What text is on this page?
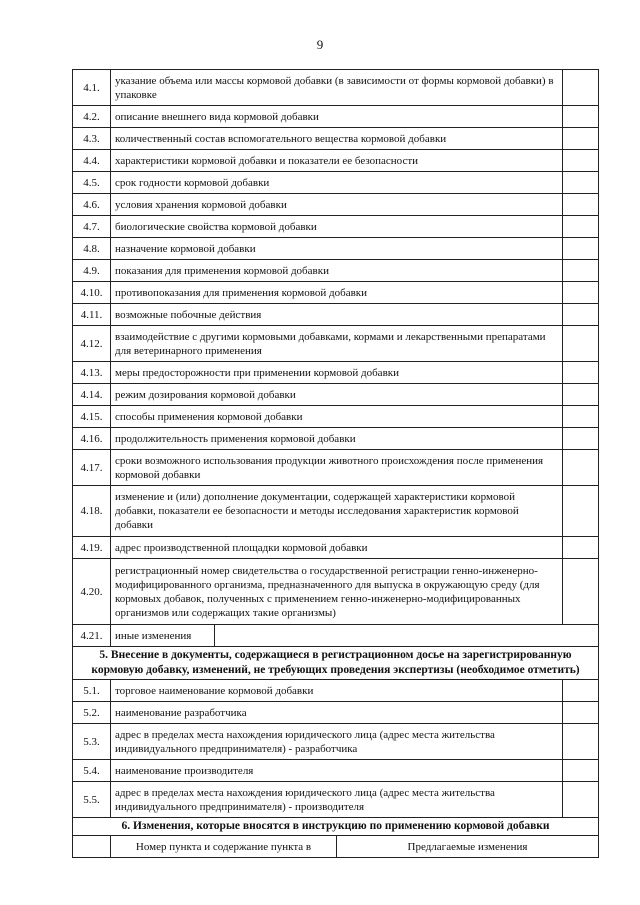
9
4.1.	указание объема или массы кормовой добавки (в зависимости от формы кормовой добавки) в упаковке			
4.2.	описание внешнего вида кормовой добавки			
4.3.	количественный состав вспомогательного вещества кормовой добавки			
4.4.	характеристики кормовой добавки и показатели ее безопасности			
4.5.	срок годности кормовой добавки			
4.6.	условия хранения кормовой добавки			
4.7.	биологические свойства кормовой добавки			
4.8.	назначение кормовой добавки			
4.9.	показания для применения кормовой добавки			
4.10.	противопоказания для применения кормовой добавки			
4.11.	возможные побочные действия			
4.12.	взаимодействие с другими кормовыми добавками, кормами и лекарственными препаратами для ветеринарного применения			
4.13.	меры предосторожности при применении кормовой добавки			
4.14.	режим дозирования кормовой добавки			
4.15.	способы применения кормовой добавки			
4.16.	продолжительность применения кормовой добавки			
4.17.	сроки возможного использования продукции животного происхождения после применения кормовой добавки			
4.18.	изменение и (или) дополнение документации, содержащей характеристики кормовой добавки, показатели ее безопасности и методы исследования характеристик кормовой добавки			
4.19.	адрес производственной площадки кормовой добавки			
4.20.	регистрационный номер свидетельства о государственной регистрации генно-инженерно-модифицированного организма, предназначенного для выпуска в окружающую среду (для кормовых добавок, полученных с применением генно-инженерно-модифицированных организмов или содержащих такие организмы)			
4.21.	иные изменения			
5. Внесение в документы, содержащиеся в регистрационном досье на зарегистрированную кормовую добавку, изменений, не требующих проведения экспертизы (необходимое отметить)				
5.1.	торговое наименование кормовой добавки			
5.2.	наименование разработчика			
5.3.	адрес в пределах места нахождения юридического лица (адрес места жительства индивидуального предпринимателя) - разработчика			
5.4.	наименование производителя			
5.5.	адрес в пределах места нахождения юридического лица (адрес места жительства индивидуального предпринимателя) - производителя			
6. Изменения, которые вносятся в инструкцию по применению кормовой добавки				
	Номер пункта и содержание пункта в		Предлагаемые изменения	
